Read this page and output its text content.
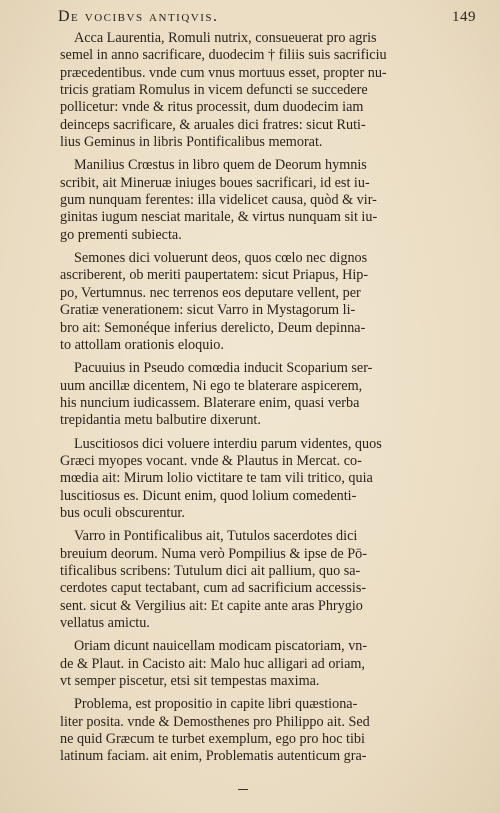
De vocibvs antiqvis.	149
Acca Laurentia, Romuli nutrix, consueuerat pro agris
semel in anno sacrificare, duodecim † filiis suis sacrificiu
præcedentibus. vnde cum vnus mortuus esset, propter nu-
tricis gratiam Romulus in vicem defuncti se succedere
pollicetur: vnde & ritus processit, dum duodecim iam
deinceps sacrificare, & aruales dici fratres: sicut Ruti-
lius Geminus in libris Pontificalibus memorat.
Manilius Crœstus in libro quem de Deorum hymnis
scribit, ait Mineruæ iniuges boues sacrificari, id est iu-
gum nunquam ferentes: illa videlicet causa, quòd & vir-
ginitas iugum nesciat maritale, & virtus nunquam sit iu-
go prementi subiecta.
Semones dici voluerunt deos, quos cœlo nec dignos
ascriberent, ob meriti paupertatem: sicut Priapus, Hip-
po, Vertumnus. nec terrenos eos deputare vellent, per
Gratiæ venerationem: sicut Varro in Mystagorum li-
bro ait: Semonéque inferius derelicto, Deum depinna-
to attollam orationis eloquio.
Pacuuius in Pseudo comœdia inducit Scoparium ser-
uum ancillæ dicentem, Ni ego te blaterare aspicerem,
his nuncium iudicassem. Blaterare enim, quasi verba
trepidantia metu balbutire dixerunt.
Luscitiosos dici voluere interdiu parum videntes, quos
Græci myopes vocant. vnde & Plautus in Mercat. co-
mœdia ait: Mirum lolio victitare te tam vili tritico, quia
luscitiosus es. Dicunt enim, quod lolium comedenti-
bus oculi obscurentur.
Varro in Pontificalibus ait, Tutulos sacerdotes dici
breuium deorum. Numa verò Pompilius & ipse de Pō-
tificalibus scribens: Tutulum dici ait pallium, quo sa-
cerdotes caput tectabant, cum ad sacrificium accessis-
sent. sicut & Vergilius ait: Et capite ante aras Phrygio
vellatus amictu.
Oriam dicunt nauicellam modicam piscatoriam, vn-
de & Plaut. in Cacisto ait: Malo huc alligari ad oriam,
vt semper piscetur, etsi sit tempestas maxima.
Problema, est propositio in capite libri quæstiona-
liter posita. vnde & Demosthenes pro Philippo ait. Sed
ne quid Græcum te turbet exemplum, ego pro hoc tibi
latinum faciam. ait enim, Problematis autenticum gra-
